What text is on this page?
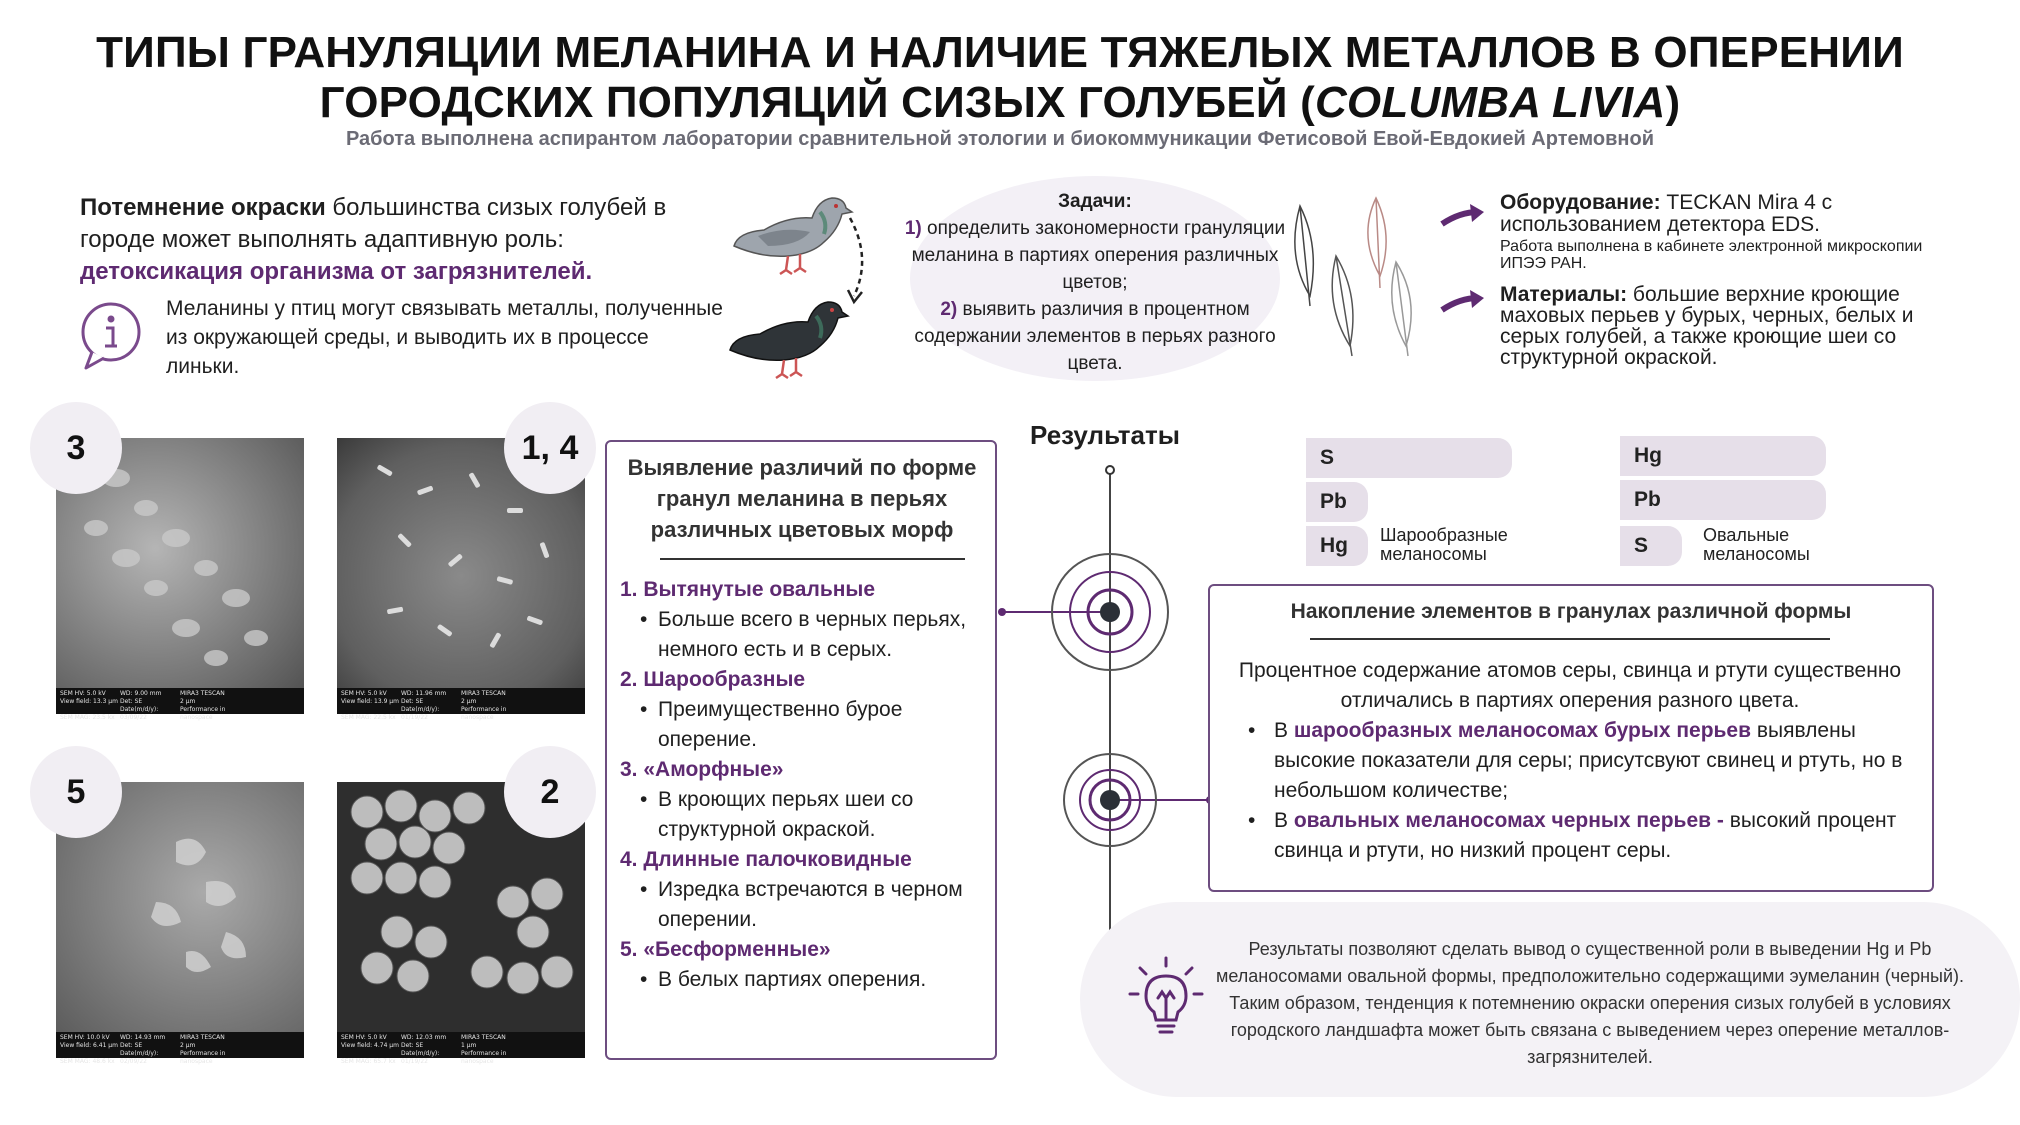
ТИПЫ ГРАНУЛЯЦИИ МЕЛАНИНА И НАЛИЧИЕ ТЯЖЕЛЫХ МЕТАЛЛОВ В ОПЕРЕНИИ
ГОРОДСКИХ ПОПУЛЯЦИЙ СИЗЫХ ГОЛУБЕЙ (COLUMBA LIVIA)
Работа выполнена аспирантом лаборатории сравнительной этологии и биокоммуникации Фетисовой Евой-Евдокией Артемовной
Потемнение окраски большинства сизых голубей в городе может выполнять адаптивную роль:
детоксикация организма от загрязнителей.
Меланины у птиц могут связывать металлы, полученные из окружающей среды, и выводить их в процессе линьки.
Задачи:
1) определить закономерности грануляции меланина в партиях оперения различных цветов;
2) выявить различия в процентном содержании элементов в перьях разного цвета.
Оборудование: TECKAN Mira 4 с использованием детектора EDS.
Работа выполнена в кабинете электронной микроскопии ИПЭЭ РАН.
Материалы: большие верхние кроющие маховых перьев у бурых, черных, белых и серых голубей, а также кроющие шеи со структурной окраской.
SEM HV: 5.0 kV WD: 9.00 mm	MIRA3 TESCAN
View field: 13.3 µm Det: SE	2 µm
SEM MAG: 23.5 kxDate(m/d/y): 03/09/22Performance in nanospace
SEM HV: 5.0 kV WD: 11.96 mm MIRA3 TESCAN
View field: 13.9 µm Det: SE	2 µm
SEM MAG: 22.5 kxDate(m/d/y): 01/19/22Performance in nanospace
SEM HV: 10.0 kV WD: 14.93 mm MIRA3 TESCAN
View field: 6.41 µm Det: SE	2 µm
SEM MAG: 48.6 kxDate(m/d/y): 02/09/22Performance in nanospace
SEM HV: 5.0 kV WD: 12.03 mm MIRA3 TESCAN
View field: 4.74 µm Det: SE	1 µm
SEM MAG: 65.7 kxDate(m/d/y): 01/19/22Performance in nanospace
3	1, 4
5	2
Выявление различий по форме гранул меланина в перьях различных цветовых морф
1. Вытянутые овальные
• Больше всего в черных перьях, немного есть и в серых.
2. Шарообразные
• Преимущественно бурое оперение.
3. «Аморфные»
• В кроющих перьях шеи со структурной окраской.
4. Длинные палочковидные
• Изредка встречаются в черном оперении.
5. «Бесформенные»
• В белых партиях оперения.
Результаты
S
Pb
Hg	Шарообразные меланосомы
Hg
Pb
S	Овальные меланосомы
Накопление элементов в гранулах различной формы
Процентное содержание атомов серы, свинца и ртути существенно отличались в партиях оперения разного цвета.
• В шарообразных меланосомах бурых перьев выявлены высокие показатели для серы; присутсвуют свинец и ртуть, но в небольшом количестве;
• В овальных меланосомах черных перьев - высокий процент свинца и ртути, но низкий процент серы.
Результаты позволяют сделать вывод о существенной роли в выведении Hg и Pb меланосомами овальной формы, предположительно содержащими эумеланин (черный). Таким образом, тенденция к потемнению окраски оперения сизых голубей в условиях городского ландшафта может быть связана с выведением через оперение металлов-загрязнителей.
